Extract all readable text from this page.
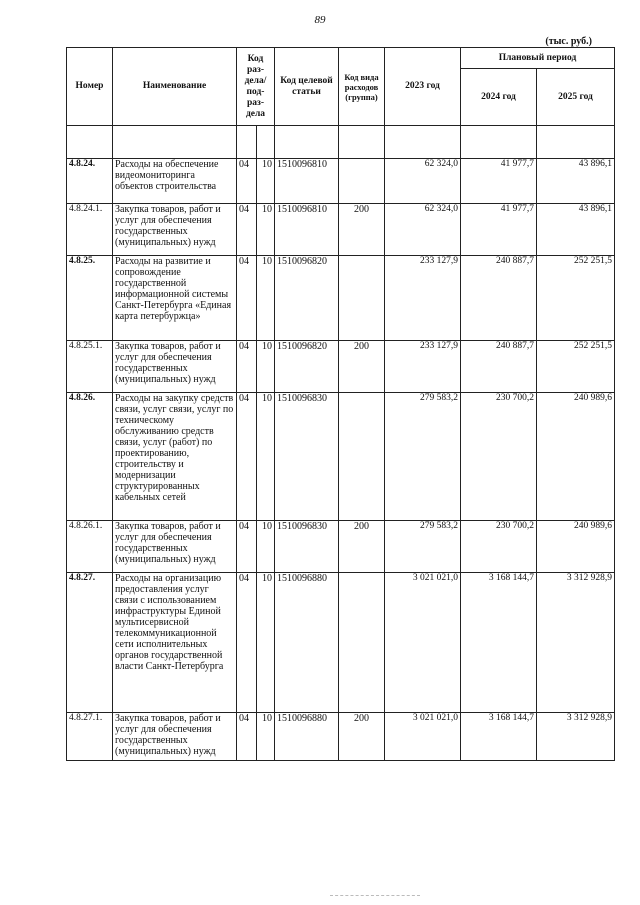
89
(тыс. руб.)
Номер	Наименование	Код раз-дела/ под-раз-дела		Код целевой статьи	Код вида расходов (группа)	2023 год	Плановый период	
							2024 год	2025 год

4.8.24.	Расходы на обеспечение видеомониторинга объектов строительства	04	10	1510096810		62 324,0	41 977,7	43 896,1
4.8.24.1.	Закупка товаров, работ и услуг для обеспечения государственных (муниципальных) нужд	04	10	1510096810	200	62 324,0	41 977,7	43 896,1
4.8.25.	Расходы на развитие и сопровождение государственной информационной системы Санкт-Петербурга «Единая карта петербуржца»	04	10	1510096820		233 127,9	240 887,7	252 251,5
4.8.25.1.	Закупка товаров, работ и услуг для обеспечения государственных (муниципальных) нужд	04	10	1510096820	200	233 127,9	240 887,7	252 251,5
4.8.26.	Расходы на закупку средств связи, услуг связи, услуг по техническому обслуживанию средств связи, услуг (работ) по проектированию, строительству и модернизации структурированных кабельных сетей	04	10	1510096830		279 583,2	230 700,2	240 989,6
4.8.26.1.	Закупка товаров, работ и услуг для обеспечения государственных (муниципальных) нужд	04	10	1510096830	200	279 583,2	230 700,2	240 989,6
4.8.27.	Расходы на организацию предоставления услуг связи с использованием инфраструктуры Единой мультисервисной телекоммуникационной сети исполнительных органов государственной власти Санкт-Петербурга	04	10	1510096880		3 021 021,0	3 168 144,7	3 312 928,9
4.8.27.1.	Закупка товаров, работ и услуг для обеспечения государственных (муниципальных) нужд	04	10	1510096880	200	3 021 021,0	3 168 144,7	3 312 928,9
